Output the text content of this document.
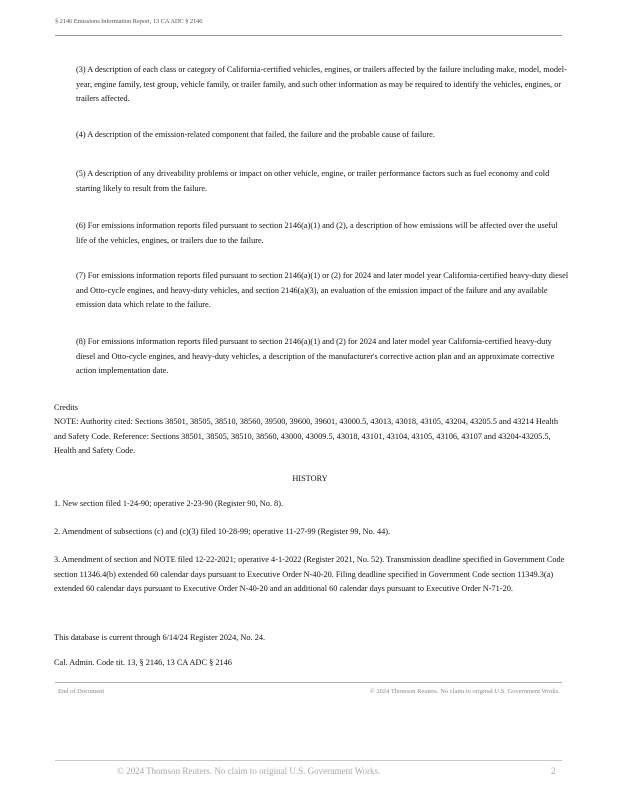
§ 2146 Emissions Information Report, 13 CA ADC § 2146

(3) A description of each class or category of California-certified vehicles, engines, or trailers affected by the failure including make, model, model-year, engine family, test group, vehicle family, or trailer family, and such other information as may be required to identify the vehicles, engines, or trailers affected.

(4) A description of the emission-related component that failed, the failure and the probable cause of failure.

(5) A description of any driveability problems or impact on other vehicle, engine, or trailer performance factors such as fuel economy and cold starting likely to result from the failure.

(6) For emissions information reports filed pursuant to section 2146(a)(1) and (2), a description of how emissions will be affected over the useful life of the vehicles, engines, or trailers due to the failure.

(7) For emissions information reports filed pursuant to section 2146(a)(1) or (2) for 2024 and later model year California-certified heavy-duty diesel and Otto-cycle engines, and heavy-duty vehicles, and section 2146(a)(3), an evaluation of the emission impact of the failure and any available emission data which relate to the failure.

(8) For emissions information reports filed pursuant to section 2146(a)(1) and (2) for 2024 and later model year California-certified heavy-duty diesel and Otto-cycle engines, and heavy-duty vehicles, a description of the manufacturer's corrective action plan and an approximate corrective action implementation date.

Credits

NOTE: Authority cited: Sections 38501, 38505, 38510, 38560, 39500, 39600, 39601, 43000.5, 43013, 43018, 43105, 43204, 43205.5 and 43214 Health and Safety Code. Reference: Sections 38501, 38505, 38510, 38560, 43000, 43009.5, 43018, 43101, 43104, 43105, 43106, 43107 and 43204-43205.5, Health and Safety Code.

HISTORY

1. New section filed 1-24-90; operative 2-23-90 (Register 90, No. 8).

2. Amendment of subsections (c) and (c)(3) filed 10-28-99; operative 11-27-99 (Register 99, No. 44).

3. Amendment of section and NOTE filed 12-22-2021; operative 4-1-2022 (Register 2021, No. 52). Transmission deadline specified in Government Code section 11346.4(b) extended 60 calendar days pursuant to Executive Order N-40-20. Filing deadline specified in Government Code section 11349.3(a) extended 60 calendar days pursuant to Executive Order N-40-20 and an additional 60 calendar days pursuant to Executive Order N-71-20.

This database is current through 6/14/24 Register 2024, No. 24.

Cal. Admin. Code tit. 13, § 2146, 13 CA ADC § 2146

End of Document	© 2024 Thomson Reuters. No claim to original U.S. Government Works.
© 2024 Thomson Reuters. No claim to original U.S. Government Works.	2
